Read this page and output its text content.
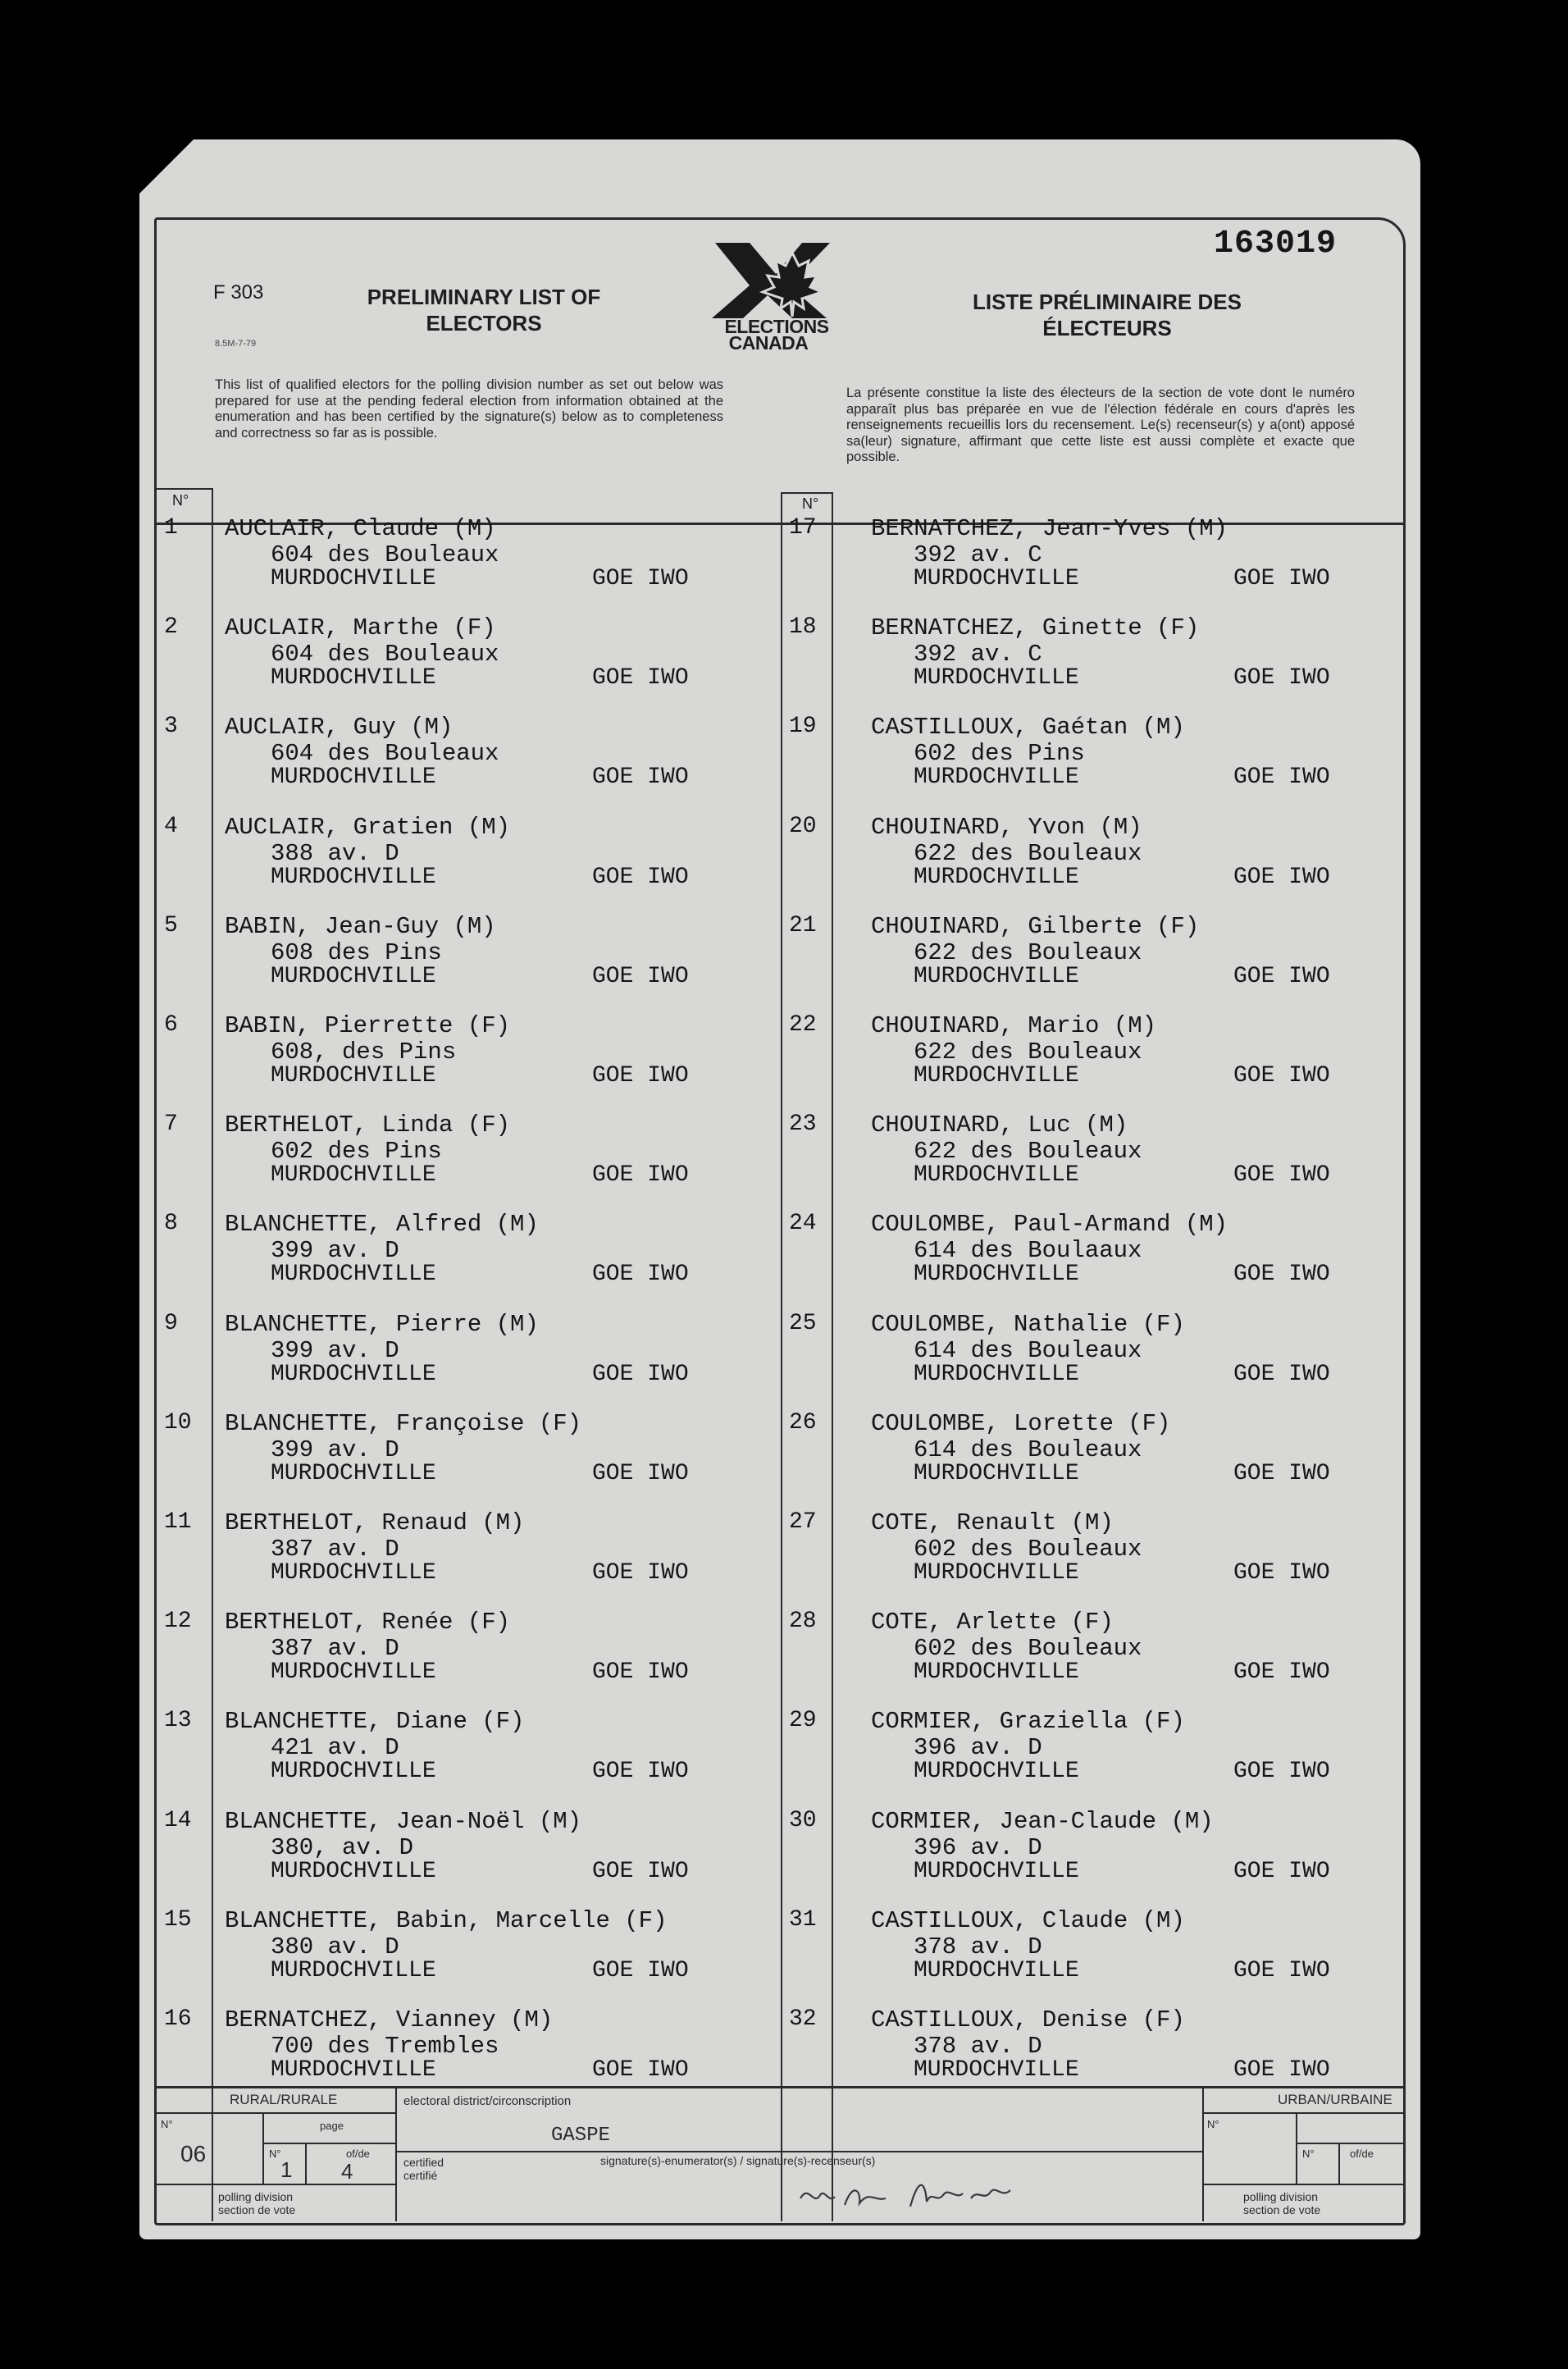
163019
F 303
8.5M-7-79
PRELIMINARY LIST OF
ELECTORS	ELECTIONS
CANADA
LISTE PRÉLIMINAIRE DES
ÉLECTEURS
This list of qualified electors for the polling division number as set out below was prepared for use at the pending federal election from information obtained at the enumeration and has been certified by the signature(s) below as to completeness and correctness so far as is possible.
La présente constitue la liste des électeurs de la section de vote dont le numéro apparaît plus bas préparée en vue de l'élection fédérale en cours d'après les renseignements recueillis lors du recensement. Le(s) recenseur(s) y a(ont) apposé sa(leur) signature, affirmant que cette liste est aussi complète et exacte que possible.
N°	N°
1 AUCLAIR, Claude (M)
604 des Bouleaux
MURDOCHVILLE	GOE IWO
2 AUCLAIR, Marthe (F)
604 des Bouleaux
MURDOCHVILLE	GOE IWO
3 AUCLAIR, Guy (M)
604 des Bouleaux
MURDOCHVILLE	GOE IWO
4 AUCLAIR, Gratien (M)
388 av. D
MURDOCHVILLE	GOE IWO
5 BABIN, Jean-Guy (M)
608 des Pins
MURDOCHVILLE	GOE IWO
6 BABIN, Pierrette (F)
608, des Pins
MURDOCHVILLE	GOE IWO
7 BERTHELOT, Linda (F)
602 des Pins
MURDOCHVILLE	GOE IWO
8 BLANCHETTE, Alfred (M)
399 av. D
MURDOCHVILLE	GOE IWO
9 BLANCHETTE, Pierre (M)
399 av. D
MURDOCHVILLE	GOE IWO
10 BLANCHETTE, Françoise (F)
399 av. D
MURDOCHVILLE	GOE IWO
11 BERTHELOT, Renaud (M)
387 av. D
MURDOCHVILLE	GOE IWO
12 BERTHELOT, Renée (F)
387 av. D
MURDOCHVILLE	GOE IWO
13 BLANCHETTE, Diane (F)
421 av. D
MURDOCHVILLE	GOE IWO
14 BLANCHETTE, Jean-Noël (M)
380, av. D
MURDOCHVILLE	GOE IWO
15 BLANCHETTE, Babin, Marcelle (F)
380 av. D
MURDOCHVILLE	GOE IWO
16 BERNATCHEZ, Vianney (M)
700 des Trembles
MURDOCHVILLE	GOE IWO
17 BERNATCHEZ, Jean-Yves (M)
392 av. C
MURDOCHVILLE	GOE IWO
18 BERNATCHEZ, Ginette (F)
392 av. C
MURDOCHVILLE	GOE IWO
19 CASTILLOUX, Gaétan (M)
602 des Pins
MURDOCHVILLE	GOE IWO
20 CHOUINARD, Yvon (M)
622 des Bouleaux
MURDOCHVILLE	GOE IWO
21 CHOUINARD, Gilberte (F)
622 des Bouleaux
MURDOCHVILLE	GOE IWO
22 CHOUINARD, Mario (M)
622 des Bouleaux
MURDOCHVILLE	GOE IWO
23 CHOUINARD, Luc (M)
622 des Bouleaux
MURDOCHVILLE	GOE IWO
24 COULOMBE, Paul-Armand (M)
614 des Boulaaux
MURDOCHVILLE	GOE IWO
25 COULOMBE, Nathalie (F)
614 des Bouleaux
MURDOCHVILLE	GOE IWO
26 COULOMBE, Lorette (F)
614 des Bouleaux
MURDOCHVILLE	GOE IWO
27 COTE, Renault (M)
602 des Bouleaux
MURDOCHVILLE	GOE IWO
28 COTE, Arlette (F)
602 des Bouleaux
MURDOCHVILLE	GOE IWO
29 CORMIER, Graziella (F)
396 av. D
MURDOCHVILLE	GOE IWO
30 CORMIER, Jean-Claude (M)
396 av. D
MURDOCHVILLE	GOE IWO
31 CASTILLOUX, Claude (M)
378 av. D
MURDOCHVILLE	GOE IWO
32 CASTILLOUX, Denise (F)
378 av. D
MURDOCHVILLE	GOE IWO
RURAL/RURALE
N°	page
N°	of/de
06
1 4
polling division
section de vote
electoral district/circonscription
GASPE
certified
certifié
signature(s)-enumerator(s) / signature(s)-recenseur(s)
URBAN/URBAINE
N°
N°	of/de
polling division
section de vote
